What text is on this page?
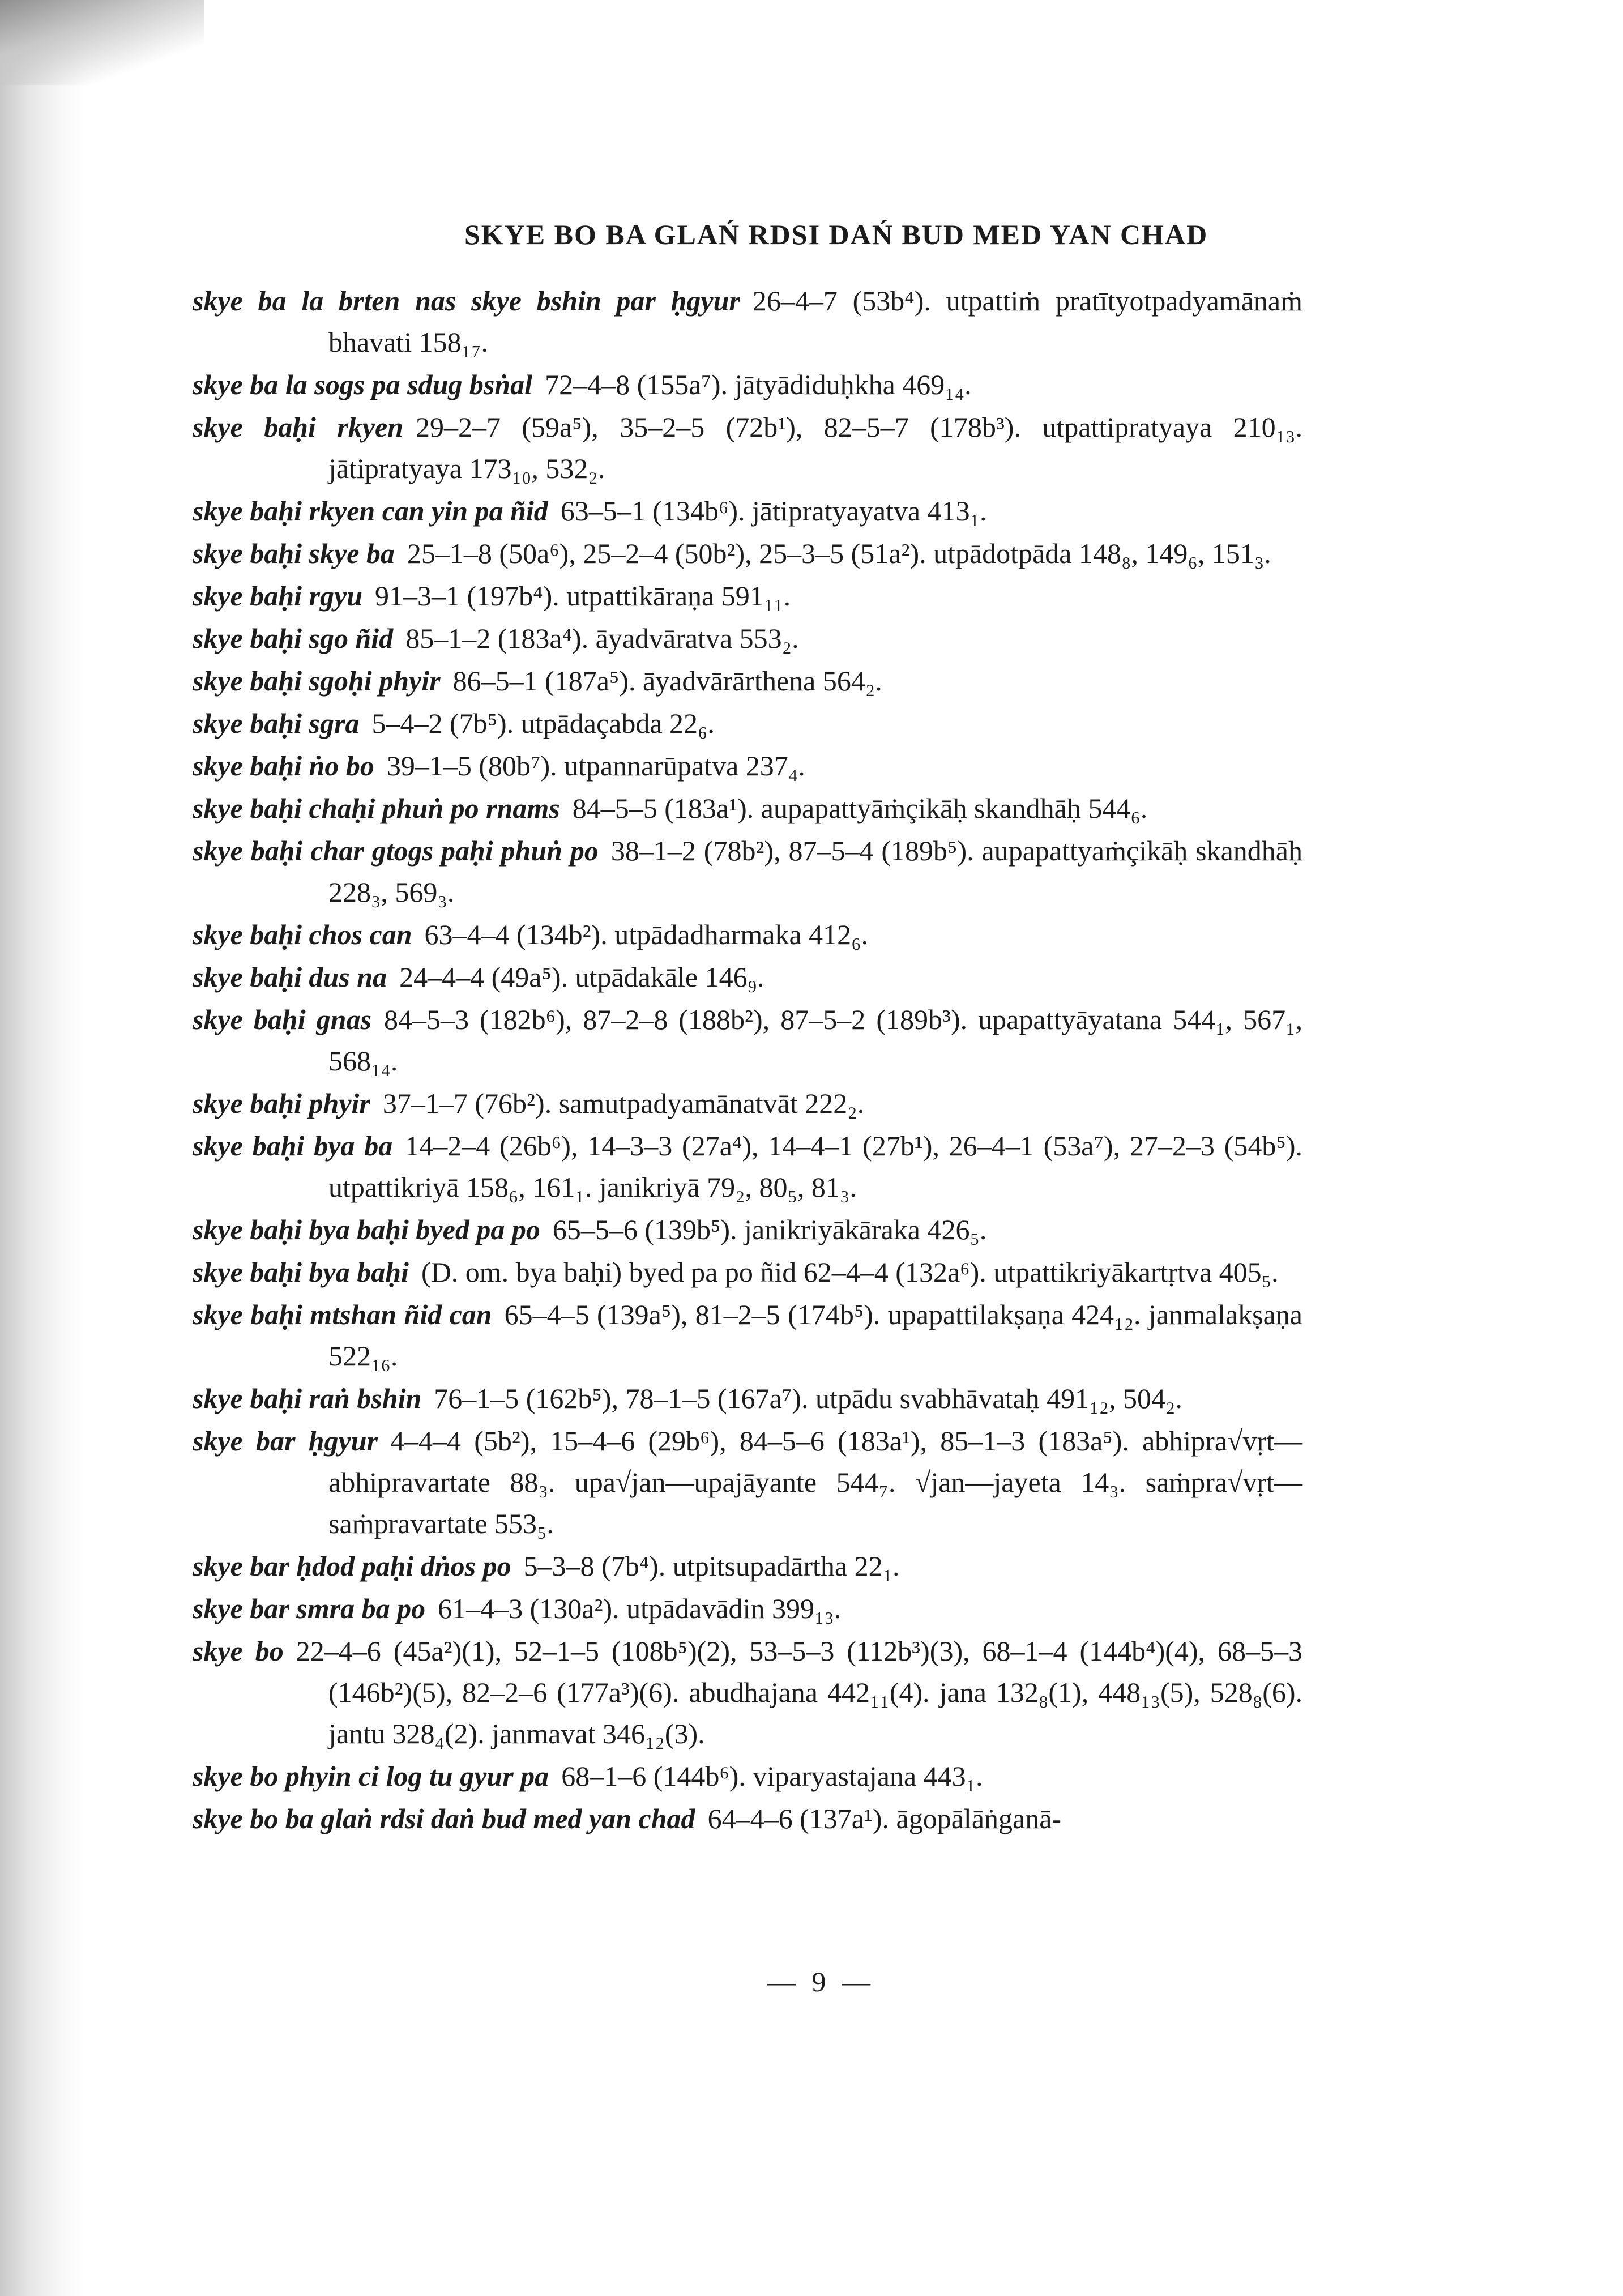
SKYE BO BA GLAŃ RDSI DAŃ BUD MED YAN CHAD
skye ba la brten nas skye bshin par ḥgyur 26–4–7 (53b⁴). utpattiṁ pratītyotpadyamānaṁ bhavati 158₁₇.
skye ba la sogs pa sdug bsṅal 72–4–8 (155a⁷). jātyādiduḥkha 469₁₄.
skye baḥi rkyen 29–2–7 (59a⁵), 35–2–5 (72b¹), 82–5–7 (178b³). utpattipratyaya 210₁₃. jātipratyaya 173₁₀, 532₂.
skye baḥi rkyen can yin pa ñid 63–5–1 (134b⁶). jātipratyayatva 413₁.
skye baḥi skye ba 25–1–8 (50a⁶), 25–2–4 (50b²), 25–3–5 (51a²). utpādotpāda 148₈, 149₆, 151₃.
skye baḥi rgyu 91–3–1 (197b⁴). utpattikāraṇa 591₁₁.
skye baḥi sgo ñid 85–1–2 (183a⁴). āyadvāratva 553₂.
skye baḥi sgoḥi phyir 86–5–1 (187a⁵). āyadvārārthena 564₂.
skye baḥi sgra 5–4–2 (7b⁵). utpādaçabda 22₆.
skye baḥi ṅo bo 39–1–5 (80b⁷). utpannarūpatva 237₄.
skye baḥi chaḥi phuṅ po rnams 84–5–5 (183a¹). aupapattyāṁçikāḥ skandhāḥ 544₆.
skye baḥi char gtogs paḥi phuṅ po 38–1–2 (78b²), 87–5–4 (189b⁵). aupapattyaṁçikāḥ skandhāḥ 228₃, 569₃.
skye baḥi chos can 63–4–4 (134b²). utpādadharmaka 412₆.
skye baḥi dus na 24–4–4 (49a⁵). utpādakāle 146₉.
skye baḥi gnas 84–5–3 (182b⁶), 87–2–8 (188b²), 87–5–2 (189b³). upapattyāyatana 544₁, 567₁, 568₁₄.
skye baḥi phyir 37–1–7 (76b²). samutpadyamānatvāt 222₂.
skye baḥi bya ba 14–2–4 (26b⁶), 14–3–3 (27a⁴), 14–4–1 (27b¹), 26–4–1 (53a⁷), 27–2–3 (54b⁵). utpattikriyā 158₆, 161₁. janikriyā 79₂, 80₅, 81₃.
skye baḥi bya baḥi byed pa po 65–5–6 (139b⁵). janikriyākāraka 426₅.
skye baḥi bya baḥi (D. om. bya baḥi) byed pa po ñid 62–4–4 (132a⁶). utpattikriyākartṛtva 405₅.
skye baḥi mtshan ñid can 65–4–5 (139a⁵), 81–2–5 (174b⁵). upapattilakṣaṇa 424₁₂. janmalakṣaṇa 522₁₆.
skye baḥi raṅ bshin 76–1–5 (162b⁵), 78–1–5 (167a⁷). utpādu svabhāvataḥ 491₁₂, 504₂.
skye bar ḥgyur 4–4–4 (5b²), 15–4–6 (29b⁶), 84–5–6 (183a¹), 85–1–3 (183a⁵). abhipra√vṛt—abhipravartate 88₃. upa√jan—upajāyante 544₇. √jan—jayeta 14₃. saṁpra√vṛt—saṁpravartate 553₅.
skye bar ḥdod paḥi dṅos po 5–3–8 (7b⁴). utpitsupadārtha 22₁.
skye bar smra ba po 61–4–3 (130a²). utpādavādin 399₁₃.
skye bo 22–4–6 (45a²)(1), 52–1–5 (108b⁵)(2), 53–5–3 (112b³)(3), 68–1–4 (144b⁴)(4), 68–5–3 (146b²)(5), 82–2–6 (177a³)(6). abudhajana 442₁₁(4). jana 132₈(1), 448₁₃(5), 528₈(6). jantu 328₄(2). janmavat 346₁₂(3).
skye bo phyin ci log tu gyur pa 68–1–6 (144b⁶). viparyastajana 443₁.
skye bo ba glaṅ rdsi daṅ bud med yan chad 64–4–6 (137a¹). āgopālāṅganā-
— 9 —
